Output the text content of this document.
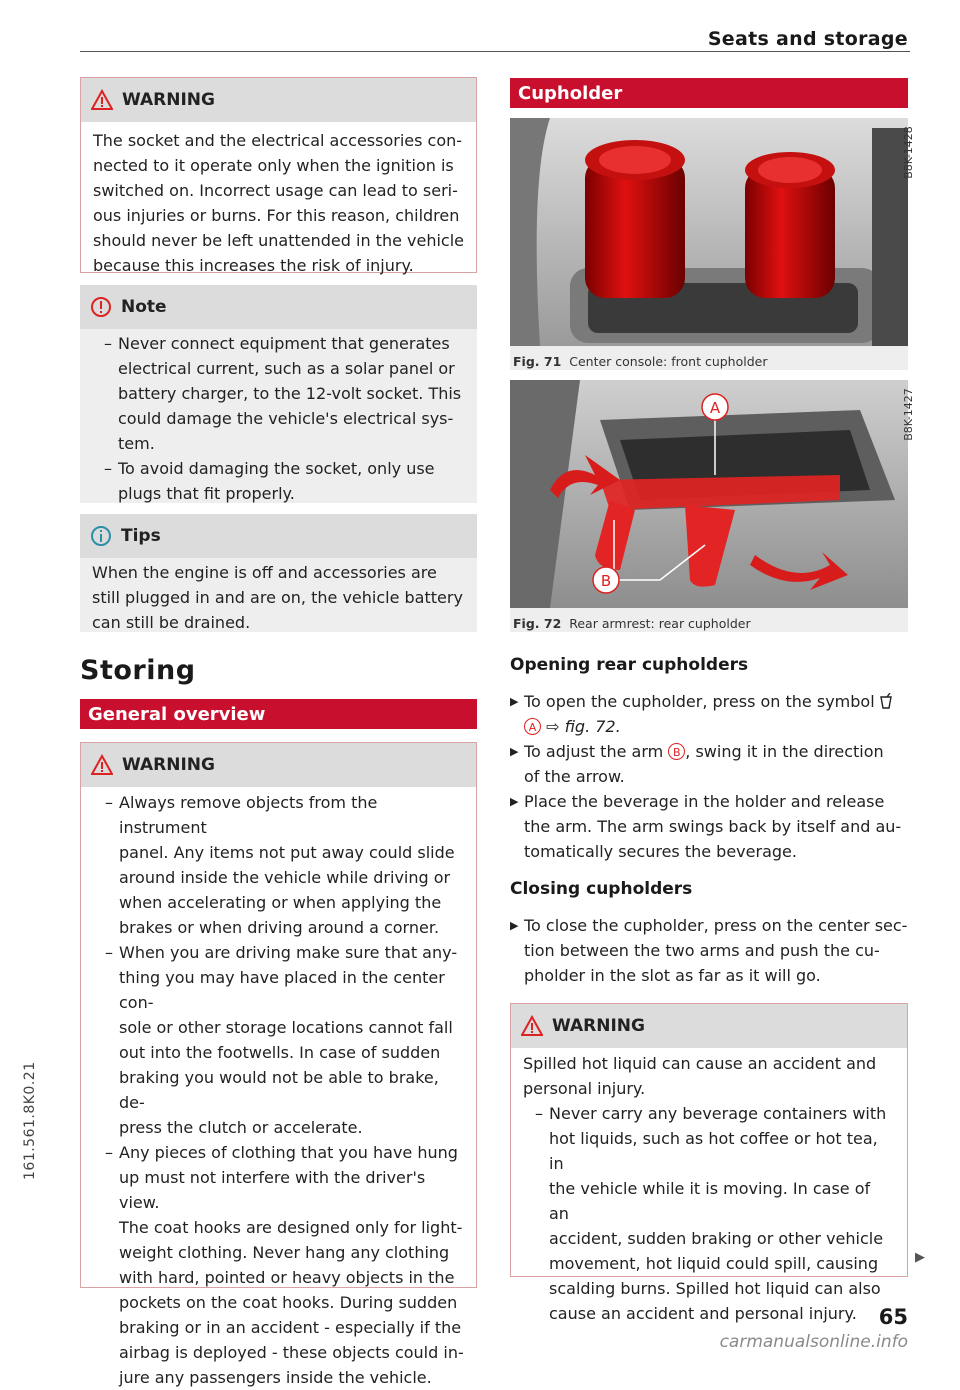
Seats and storage
WARNING
The socket and the electrical accessories con-
nected to it operate only when the ignition is
switched on. Incorrect usage can lead to seri-
ous injuries or burns. For this reason, children
should never be left unattended in the vehicle
because this increases the risk of injury.
Note
– Never connect equipment that generates
electrical current, such as a solar panel or
battery charger, to the 12-volt socket. This
could damage the vehicle's electrical sys-
tem.
– To avoid damaging the socket, only use
plugs that fit properly.
Tips
When the engine is off and accessories are
still plugged in and are on, the vehicle battery
can still be drained.
Storing
General overview
WARNING
– Always remove objects from the instrument
panel. Any items not put away could slide
around inside the vehicle while driving or
when accelerating or when applying the
brakes or when driving around a corner.
– When you are driving make sure that any-
thing you may have placed in the center con-
sole or other storage locations cannot fall
out into the footwells. In case of sudden
braking you would not be able to brake, de-
press the clutch or accelerate.
– Any pieces of clothing that you have hung
up must not interfere with the driver's view.
The coat hooks are designed only for light-
weight clothing. Never hang any clothing
with hard, pointed or heavy objects in the
pockets on the coat hooks. During sudden
braking or in an accident - especially if the
airbag is deployed - these objects could in-
jure any passengers inside the vehicle.
Cupholder
B8K-1428
Fig. 71 Center console: front cupholder
A
B
B8K-1427
Fig. 72 Rear armrest: rear cupholder
Opening rear cupholders
▶ To open the cupholder, press on the symbol
A ⇨ fig. 72.
▶ To adjust the arm B , swing it in the direction
of the arrow.
▶ Place the beverage in the holder and release
the arm. The arm swings back by itself and au-
tomatically secures the beverage.
Closing cupholders
▶ To close the cupholder, press on the center sec-
tion between the two arms and push the cu-
pholder in the slot as far as it will go.
WARNING
Spilled hot liquid can cause an accident and
personal injury.
– Never carry any beverage containers with
hot liquids, such as hot coffee or hot tea, in
the vehicle while it is moving. In case of an
accident, sudden braking or other vehicle
movement, hot liquid could spill, causing
scalding burns. Spilled hot liquid can also
cause an accident and personal injury.
▶
161.561.8K0.21
65
carmanualsonline.info
